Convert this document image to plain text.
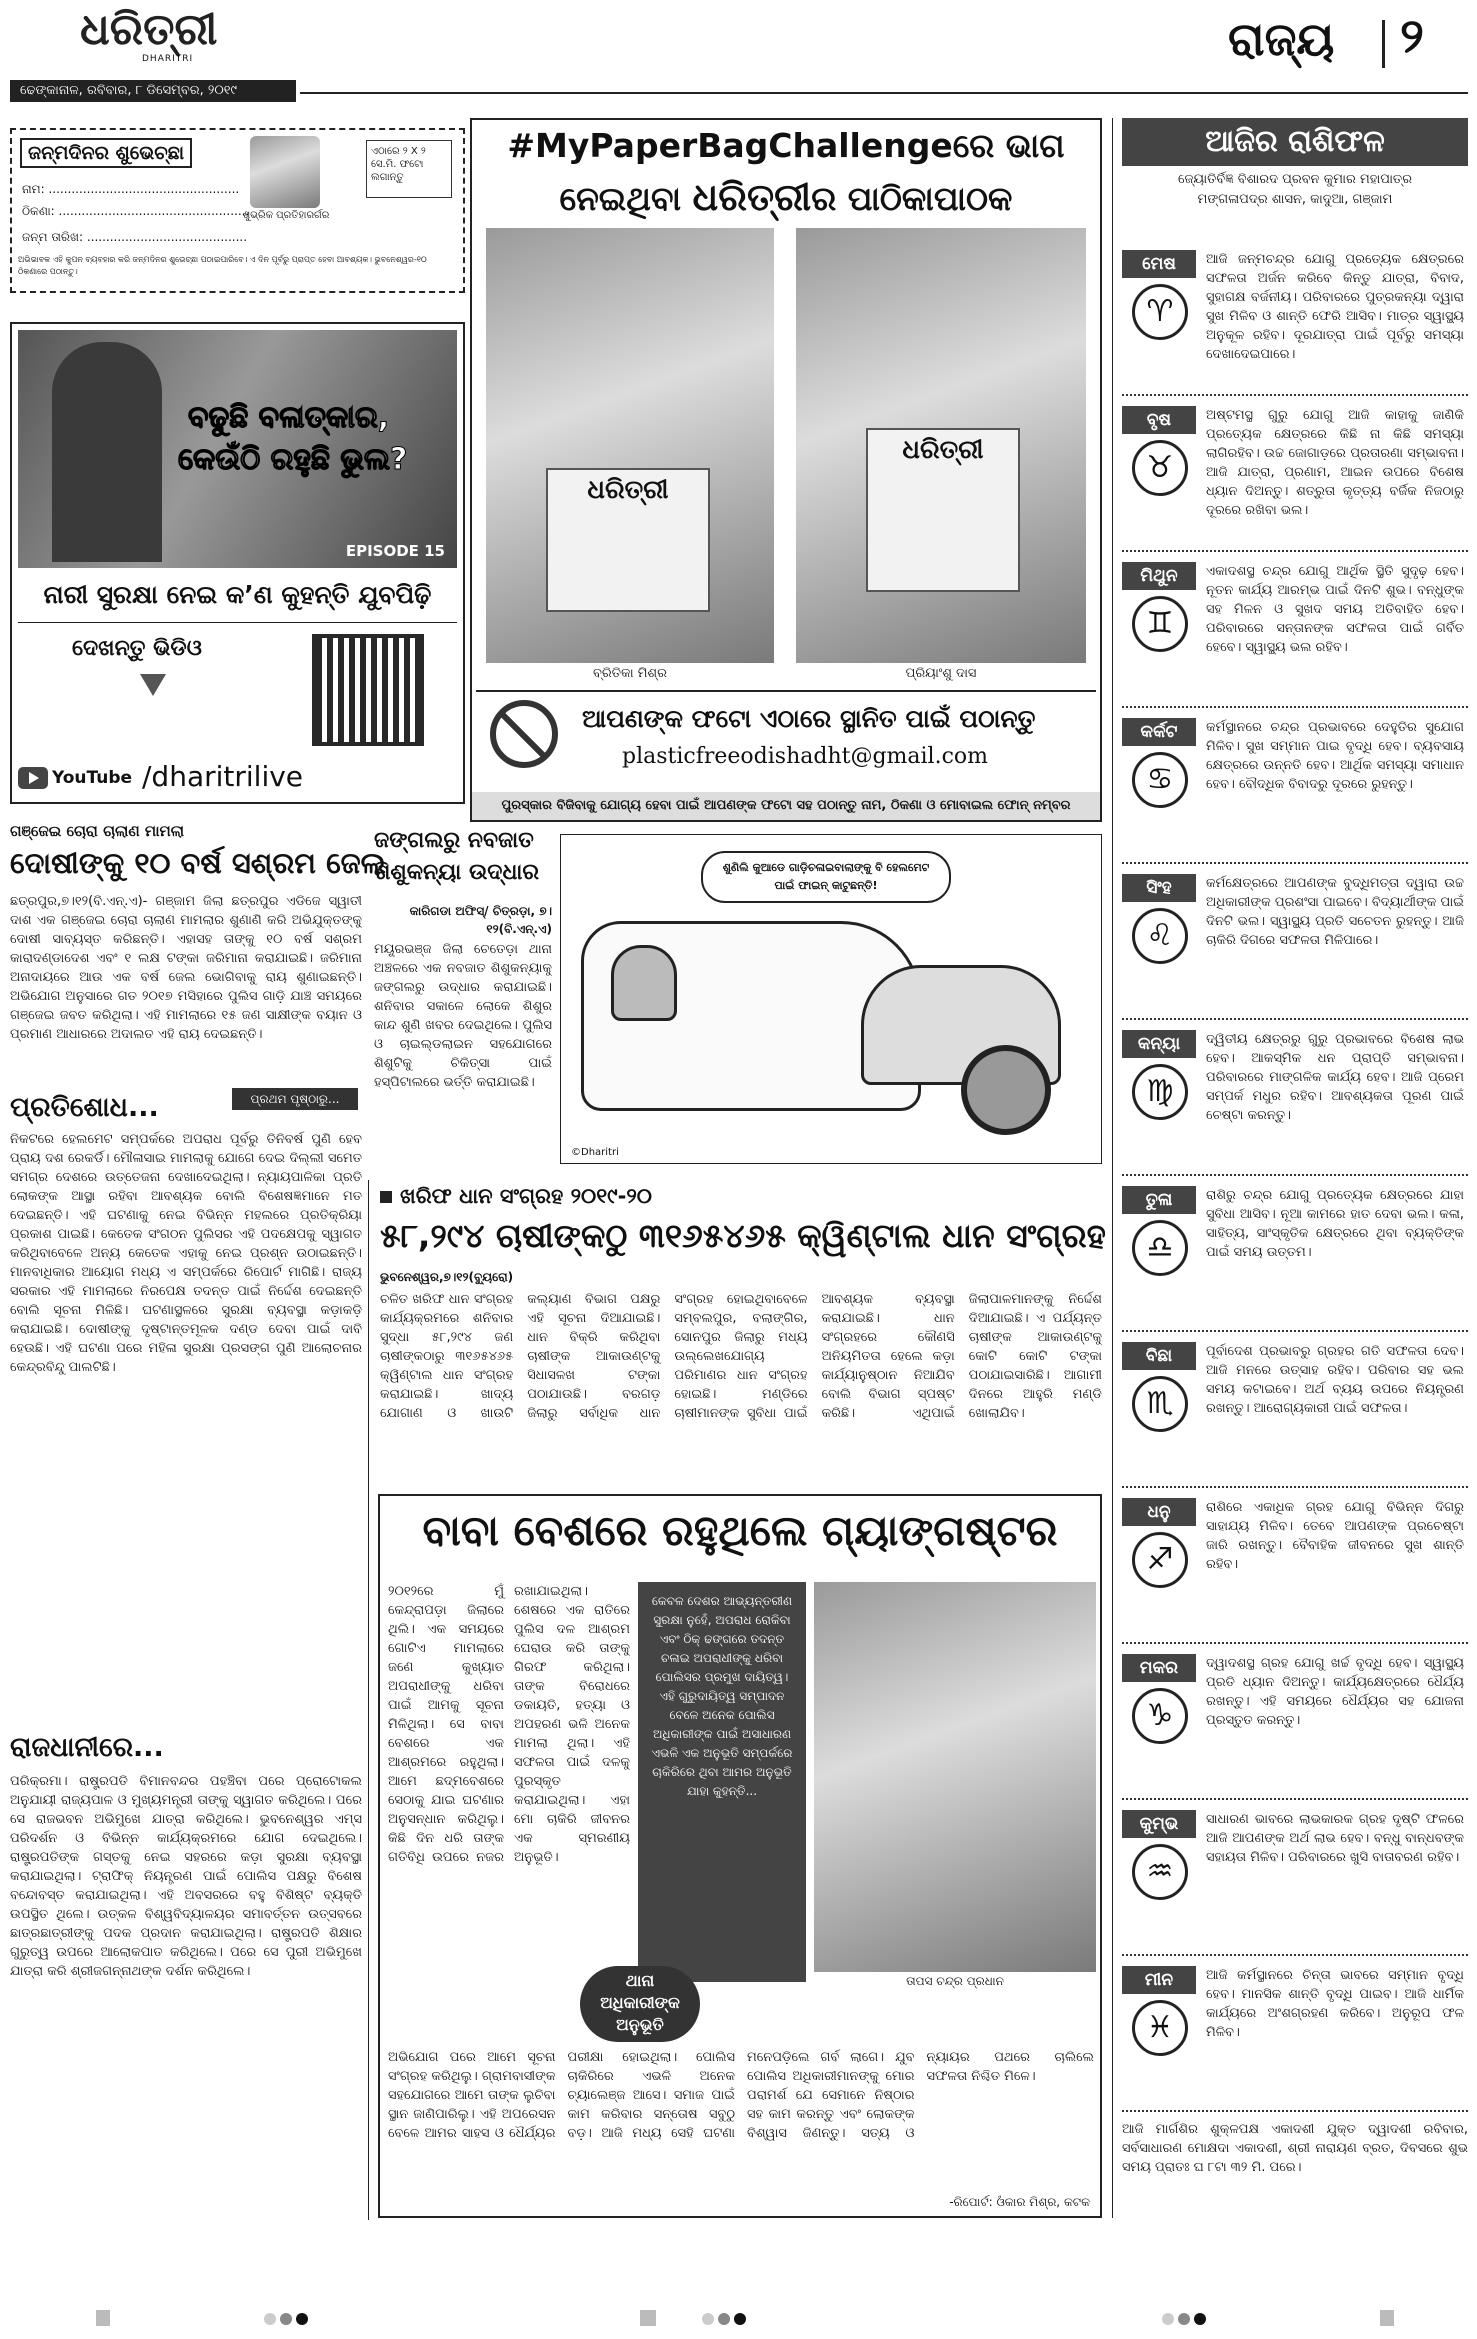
ଧରିତ୍ରୀ
DHARITRI
ଢେଙ୍କାନାଳ, ରବିବାର, ୮ ଡିସେମ୍ବର, ୨୦୧୯
ରାଜ୍ୟ ୨
ଜନ୍ମଦିନର ଶୁଭେଚ୍ଛା
ନାମ: ..................................................
ଠିକଣା: ..................................................
ଜନ୍ମ ତାରିଖ: ..........................................
ଶୁଭ୍ରିକ ପ୍ରତିହାରର୍ଗର
ଏଠାରେ ୨ X ୨ ସେ.ମି. ଫଟୋ ଲଗାନ୍ତୁ
ଅଭିଭାବକ ଏହି କୁପନ ବ୍ୟବହାର କରି ଜନ୍ମଦିନର ଶୁଭେଚ୍ଛା ପଠାଇପାରିବେ। ଏ ଦିନ ପୂର୍ବରୁ ପ୍ରାପ୍ତ ହେବା ଆବଶ୍ୟକ। ଭୁବନେଶ୍ୱର-୧୦ ଠିକଣାରେ ପଠାନ୍ତୁ।
ବଢୁଛି ବଳାତ୍କାର,
କେଉଁଠି ରହୁଛି ଭୁଲ?
EPISODE 15
ନାରୀ ସୁରକ୍ଷା ନେଇ କ’ଣ କୁହନ୍ତି ଯୁବପିଢ଼ି
ଦେଖନ୍ତୁ ଭିଡିଓ
YouTube /dharitrilive
#MyPaperBagChallengeରେ ଭାଗ
ନେଇଥିବା ଧରିତ୍ରୀର ପାଠିକାପାଠକ
ଧରିତ୍ରୀ
ବ୍ରିତିକା ମିଶ୍ର
ଧରିତ୍ରୀ
ପ୍ରିୟାଂଶୁ ଦାସ
ଆପଣଙ୍କ ଫଟୋ ଏଠାରେ ସ୍ଥାନିତ ପାଇଁ ପଠାନ୍ତୁ
plasticfreeodishadht@gmail.com
ପୁରସ୍କାର ବିଜିବାକୁ ଯୋଗ୍ୟ ହେବା ପାଇଁ ଆପଣଙ୍କ ଫଟୋ ସହ ପଠାନ୍ତୁ ନାମ, ଠିକଣା ଓ ମୋବାଇଲ ଫୋନ୍ ନମ୍ବର
ଆଜିର ରାଶିଫଳ
ଜ୍ୟୋତିର୍ବିଜ୍ଞ ବିଶାରଦ ପ୍ରବନ କୁମାର ମହାପାତ୍ର
ମଙ୍ଗଳାପଦ୍ର ଶାସନ, କାଦୁଆ, ଗଞ୍ଜାମ
ମେଷ
♈
ଆଜି ଜନ୍ମଚନ୍ଦ୍ର ଯୋଗୁ ପ୍ରତ୍ୟେକ କ୍ଷେତ୍ରରେ ସଫଳତା ଅର୍ଜନ କରିବେ କିନ୍ତୁ ଯାତ୍ରା, ବିବାଦ, ସୁହାଗକ୍ଷ ବର୍ଜନୀୟ। ପରିବାରରେ ପୁତ୍ରକନ୍ୟା ଦ୍ୱାରା ସୁଖ ମିଳିବ ଓ ଶାନ୍ତି ଫେରି ଆସିବ। ମାତ୍ର ସ୍ୱାସ୍ଥ୍ୟ ଅନୁକୂଳ ରହିବ। ଦୂରଯାତ୍ରା ପାଇଁ ପୂର୍ବରୁ ସମସ୍ୟା ଦେଖାଦେଇପାରେ।
ବୃଷ
♉
ଅଷ୍ଟମସ୍ଥ ଗୁରୁ ଯୋଗୁ ଆଜି କାହାକୁ ଜାଣିକି ପ୍ରତ୍ୟେକ କ୍ଷେତ୍ରରେ କିଛି ନା କିଛି ସମସ୍ୟା ଲାଗିରହିବ। ଉଚ୍ଚ ଜୋଗାଡ଼ରେ ପ୍ରତାରଣା ସମ୍ଭାବନା। ଆଜି ଯାତ୍ରା, ପ୍ରଣାମ, ଆଇନ ଉପରେ ବିଶେଷ ଧ୍ୟାନ ଦିଅନ୍ତୁ। ଶତ୍ରୁତା କୃତ୍ତ୍ୟ ବର୍ଜିକ ନିଜଠାରୁ ଦୂରରେ ରଖିବା ଭଲ।
ମିଥୁନ
♊
ଏକାଦଶସ୍ଥ ଚନ୍ଦ୍ର ଯୋଗୁ ଆର୍ଥିକ ସ୍ଥିତି ସୁଦୃଢ଼ ହେବ। ନୂତନ କାର୍ଯ୍ୟ ଆରମ୍ଭ ପାଇଁ ଦିନଟି ଶୁଭ। ବନ୍ଧୁଙ୍କ ସହ ମିଳନ ଓ ସୁଖଦ ସମୟ ଅତିବାହିତ ହେବ। ପରିବାରରେ ସନ୍ତାନଙ୍କ ସଫଳତା ପାଇଁ ଗର୍ବିତ ହେବେ। ସ୍ୱାସ୍ଥ୍ୟ ଭଲ ରହିବ।
କର୍କଟ
♋
କର୍ମସ୍ଥାନରେ ଚନ୍ଦ୍ର ପ୍ରଭାବରେ ଦେହୁତିର ସୁଯୋଗ ମିଳିବ। ସୁଖ ସମ୍ମାନ ପାଇ ବୃଦ୍ଧି ହେବ। ବ୍ୟବସାୟ କ୍ଷେତ୍ରରେ ଉନ୍ନତି ହେବ। ଆର୍ଥିକ ସମସ୍ୟା ସମାଧାନ ହେବ। ବୌଦ୍ଧିକ ବିବାଦରୁ ଦୂରରେ ରୁହନ୍ତୁ।
ସିଂହ
♌
କର୍ମକ୍ଷେତ୍ରରେ ଆପଣଙ୍କ ବୁଦ୍ଧିମତ୍ତା ଦ୍ୱାରା ଉଚ୍ଚ ଅଧିକାରୀଙ୍କ ପ୍ରଶଂସା ପାଇବେ। ବିଦ୍ୟାର୍ଥୀଙ୍କ ପାଇଁ ଦିନଟି ଭଲ। ସ୍ୱାସ୍ଥ୍ୟ ପ୍ରତି ସଚେତନ ରୁହନ୍ତୁ। ଆଜି ଚାକିରି ଦିଗରେ ସଫଳତା ମିଳିପାରେ।
କନ୍ୟା
♍
ଦ୍ୱିତୀୟ କ୍ଷେତ୍ରରୁ ଗୁରୁ ପ୍ରଭାବରେ ବିଶେଷ ଲାଭ ହେବ। ଆକସ୍ମିକ ଧନ ପ୍ରାପ୍ତି ସମ୍ଭାବନା। ପରିବାରରେ ମାଙ୍ଗଳିକ କାର୍ଯ୍ୟ ହେବ। ଆଜି ପ୍ରେମ ସମ୍ପର୍କ ମଧୁର ରହିବ। ଆବଶ୍ୟକତା ପୂରଣ ପାଇଁ ଚେଷ୍ଟା କରନ୍ତୁ।
ତୁଳା
♎
ରାଶିରୁ ଚନ୍ଦ୍ର ଯୋଗୁ ପ୍ରତ୍ୟେକ କ୍ଷେତ୍ରରେ ଯାହା ସୁବିଧା ଆସିବ। ନୂଆ କାମରେ ହାତ ଦେବା ଭଲ। କଳା, ସାହିତ୍ୟ, ସାଂସ୍କୃତିକ କ୍ଷେତ୍ରରେ ଥିବା ବ୍ୟକ୍ତିଙ୍କ ପାଇଁ ସମୟ ଉତ୍ତମ।
ବିଛା
♏
ପୂର୍ବାଦେଶ ପ୍ରଭାବରୁ ଗ୍ରହର ଗତି ସଫଳତା ଦେବ। ଆଜି ମନରେ ଉତ୍ସାହ ରହିବ। ପରିବାର ସହ ଭଲ ସମୟ କଟାଇବେ। ଅର୍ଥ ବ୍ୟୟ ଉପରେ ନିୟନ୍ତ୍ରଣ ରଖନ୍ତୁ। ଆରୋଗ୍ୟକାରୀ ପାଇଁ ସଫଳତା।
ଧନୁ
♐
ରାଶିରେ ଏକାଧିକ ଗ୍ରହ ଯୋଗୁ ବିଭିନ୍ନ ଦିଗରୁ ସାହାଯ୍ୟ ମିଳିବ। ତେବେ ଆପଣଙ୍କ ପ୍ରଚେଷ୍ଟା ଜାରି ରଖନ୍ତୁ। ବୈବାହିକ ଜୀବନରେ ସୁଖ ଶାନ୍ତି ରହିବ।
ମକର
♑
ଦ୍ୱାଦଶସ୍ଥ ଗ୍ରହ ଯୋଗୁ ଖର୍ଚ୍ଚ ବୃଦ୍ଧି ହେବ। ସ୍ୱାସ୍ଥ୍ୟ ପ୍ରତି ଧ୍ୟାନ ଦିଅନ୍ତୁ। କାର୍ଯ୍ୟକ୍ଷେତ୍ରରେ ଧୈର୍ଯ୍ୟ ରଖନ୍ତୁ। ଏହି ସମୟରେ ଧୈର୍ଯ୍ୟର ସହ ଯୋଜନା ପ୍ରସ୍ତୁତ କରନ୍ତୁ।
କୁମ୍ଭ
♒
ସାଧାରଣ ଭାବରେ ଲାଭକାରକ ଗ୍ରହ ଦୃଷ୍ଟି ଫଳରେ ଆଜି ଆପଣଙ୍କ ଅର୍ଥ ଲାଭ ହେବ। ବନ୍ଧୁ ବାନ୍ଧବଙ୍କ ସହାୟତା ମିଳିବ। ପରିବାରରେ ଖୁସି ବାତାବରଣ ରହିବ।
ମୀନ
♓
ଆଜି କର୍ମସ୍ଥାନରେ ଚିନ୍ତା ଭାବରେ ସମ୍ମାନ ବୃଦ୍ଧି ହେବ। ମାନସିକ ଶାନ୍ତି ବୃଦ୍ଧି ପାଇବ। ଆଜି ଧାର୍ମିକ କାର୍ଯ୍ୟରେ ଅଂଶଗ୍ରହଣ କରିବେ। ଅନୁରୂପ ଫଳ ମିଳିବ।
ଆଜି ମାର୍ଗଶିର ଶୁକ୍ଳପକ୍ଷ ଏକାଦଶୀ ଯୁକ୍ତ ଦ୍ୱାଦଶୀ ରବିବାର, ସର୍ବସାଧାରଣ ମୋକ୍ଷଦା ଏକାଦଶୀ, ଶ୍ରୀ ନାରାୟଣ ବ୍ରତ, ଦିବସରେ ଶୁଭ ସମୟ ପ୍ରାତଃ ଘ ୮ଟା ୩୨ ମି. ପରେ।
ଗଞ୍ଜେଇ ଚୋରା ଚାଲାଣ ମାମଲା
ଦୋଷୀଙ୍କୁ ୧୦ ବର୍ଷ ସଶ୍ରମ ଜେଲ
ଛତ୍ରପୁର,୭।୧୨(ବି.ଏନ୍.ଏ)- ଗଞ୍ଜାମ ଜିଲା ଛତ୍ରପୁର ଏଡିଜେ ସ୍ୱାତୀ ଦାଶ ଏକ ଗଞ୍ଜେଇ ଚୋରା ଚାଲାଣ ମାମଲାର ଶୁଣାଣି କରି ଅଭିଯୁକ୍ତଙ୍କୁ ଦୋଷୀ ସାବ୍ୟସ୍ତ କରିଛନ୍ତି। ଏହାସହ ତାଙ୍କୁ ୧୦ ବର୍ଷ ସଶ୍ରମ କାରାଦଣ୍ଡାଦେଶ ଏବଂ ୧ ଲକ୍ଷ ଟଙ୍କା ଜରିମାନା କରାଯାଇଛି। ଜରିମାନା ଅନାଦାୟରେ ଆଉ ଏକ ବର୍ଷ ଜେଲ ଭୋଗିବାକୁ ରାୟ ଶୁଣାଇଛନ୍ତି। ଅଭିଯୋଗ ଅନୁସାରେ ଗତ ୨୦୧୭ ମସିହାରେ ପୁଲିସ ଗାଡ଼ି ଯାଞ୍ଚ ସମୟରେ ଗଞ୍ଜେଇ ଜବତ କରିଥିଲା। ଏହି ମାମଲାରେ ୧୫ ଜଣ ସାକ୍ଷୀଙ୍କ ବୟାନ ଓ ପ୍ରମାଣ ଆଧାରରେ ଅଦାଲତ ଏହି ରାୟ ଦେଇଛନ୍ତି।
ଜଙ୍ଗଲରୁ ନବଜାତ
ଶିଶୁକନ୍ୟା ଉଦ୍ଧାର
କାରିଗଡା ଅଫିସ୍/ ଚିତ୍ରଡ଼ା, ୭।୧୨(ବି.ଏନ୍.ଏ)
ମୟୂରଭଞ୍ଜ ଜିଲା ଚେତେଡ଼ା ଥାନା ଅଞ୍ଚଳରେ ଏକ ନବଜାତ ଶିଶୁକନ୍ୟାକୁ ଜଙ୍ଗଲରୁ ଉଦ୍ଧାର କରାଯାଇଛି। ଶନିବାର ସକାଳେ ଲୋକେ ଶିଶୁର କାନ୍ଦ ଶୁଣି ଖବର ଦେଇଥିଲେ। ପୁଲିସ ଓ ଚାଇଲ୍ଡଲାଇନ ସହଯୋଗରେ ଶିଶୁଟିକୁ ଚିକିତ୍ସା ପାଇଁ ହସ୍ପିଟାଲରେ ଭର୍ତ୍ତି କରାଯାଇଛି।
ଶୁଣିଲି କୁଆଡେ ଗାଡ଼ିଚଳାଇବାଲାଙ୍କୁ ବି ହେଲମେଟ ପାଇଁ ଫାଇନ୍ କାଟୁଛନ୍ତି!
©Dharitri
ପ୍ରତିଶୋଧ...	ପ୍ରଥମ ପୃଷ୍ଠାରୁ...
ନିକଟରେ ହେଲମେଟ ସମ୍ପର୍କରେ ଅପରାଧ ପୂର୍ବରୁ ତିନିବର୍ଷ ପୁଣି ହେବ ପ୍ରାୟ ଦଶ ରେକର୍ଡି। ମୌଳାସାଇ ମାମଲାକୁ ଯୋଗେ ଦେଇ ଦିଲ୍ଲୀ ସମେତ ସମଗ୍ର ଦେଶରେ ଉତ୍ତେଜନା ଦେଖାଦେଇଥିଲା। ନ୍ୟାୟପାଳିକା ପ୍ରତି ଲୋକଙ୍କ ଆସ୍ଥା ରହିବା ଆବଶ୍ୟକ ବୋଲି ବିଶେଷଜ୍ଞମାନେ ମତ ଦେଇଛନ୍ତି। ଏହି ଘଟଣାକୁ ନେଇ ବିଭିନ୍ନ ମହଲରେ ପ୍ରତିକ୍ରିୟା ପ୍ରକାଶ ପାଇଛି। କେତେକ ସଂଗଠନ ପୁଲିସର ଏହି ପଦକ୍ଷେପକୁ ସ୍ୱାଗତ କରିଥିବାବେଳେ ଅନ୍ୟ କେତେକ ଏହାକୁ ନେଇ ପ୍ରଶ୍ନ ଉଠାଇଛନ୍ତି। ମାନବାଧିକାର ଆୟୋଗ ମଧ୍ୟ ଏ ସମ୍ପର୍କରେ ରିପୋର୍ଟ ମାଗିଛି। ରାଜ୍ୟ ସରକାର ଏହି ମାମଲାରେ ନିରପେକ୍ଷ ତଦନ୍ତ ପାଇଁ ନିର୍ଦ୍ଦେଶ ଦେଇଛନ୍ତି ବୋଲି ସୂଚନା ମିଳିଛି। ଘଟଣାସ୍ଥଳରେ ସୁରକ୍ଷା ବ୍ୟବସ୍ଥା କଡ଼ାକଡ଼ି କରାଯାଇଛି। ଦୋଷୀଙ୍କୁ ଦୃଷ୍ଟାନ୍ତମୂଳକ ଦଣ୍ଡ ଦେବା ପାଇଁ ଦାବି ହେଉଛି। ଏହି ଘଟଣା ପରେ ମହିଳା ସୁରକ୍ଷା ପ୍ରସଙ୍ଗ ପୁଣି ଆଲୋଚନାର କେନ୍ଦ୍ରବିନ୍ଦୁ ପାଲଟିଛି।
ରାଜଧାନୀରେ...
ପରିକ୍ରମା। ରାଷ୍ଟ୍ରପତି ବିମାନବନ୍ଦର ପହଞ୍ଚିବା ପରେ ପ୍ରୋଟୋକଲ ଅନୁଯାୟୀ ରାଜ୍ୟପାଳ ଓ ମୁଖ୍ୟମନ୍ତ୍ରୀ ତାଙ୍କୁ ସ୍ୱାଗତ କରିଥିଲେ। ପରେ ସେ ରାଜଭବନ ଅଭିମୁଖେ ଯାତ୍ରା କରିଥିଲେ। ଭୁବନେଶ୍ୱର ଏମ୍ସ ପରିଦର୍ଶନ ଓ ବିଭିନ୍ନ କାର୍ଯ୍ୟକ୍ରମରେ ଯୋଗ ଦେଇଥିଲେ। ରାଷ୍ଟ୍ରପତିଙ୍କ ଗସ୍ତକୁ ନେଇ ସହରରେ କଡ଼ା ସୁରକ୍ଷା ବ୍ୟବସ୍ଥା କରାଯାଇଥିଲା। ଟ୍ରାଫିକ୍ ନିୟନ୍ତ୍ରଣ ପାଇଁ ପୋଲିସ ପକ୍ଷରୁ ବିଶେଷ ବନ୍ଦୋବସ୍ତ କରାଯାଇଥିଲା। ଏହି ଅବସରରେ ବହୁ ବିଶିଷ୍ଟ ବ୍ୟକ୍ତି ଉପସ୍ଥିତ ଥିଲେ। ଉତ୍କଳ ବିଶ୍ୱବିଦ୍ୟାଳୟର ସମାବର୍ତ୍ତନ ଉତ୍ସବରେ ଛାତ୍ରଛାତ୍ରୀଙ୍କୁ ପଦକ ପ୍ରଦାନ କରାଯାଇଥିଲା। ରାଷ୍ଟ୍ରପତି ଶିକ୍ଷାର ଗୁରୁତ୍ୱ ଉପରେ ଆଲୋକପାତ କରିଥିଲେ। ପରେ ସେ ପୁରୀ ଅଭିମୁଖେ ଯାତ୍ରା କରି ଶ୍ରୀଜଗନ୍ନାଥଙ୍କ ଦର୍ଶନ କରିଥିଲେ।
ଖରିଫ ଧାନ ସଂଗ୍ରହ ୨୦୧୯-୨୦
୫୮,୨୯୪ ଚାଷୀଙ୍କଠୁ ୩୧୬୫୪୬୫ କ୍ୱିଣ୍ଟାଲ ଧାନ ସଂଗ୍ରହ
ଭୁବନେଶ୍ୱର,୭।୧୨(ବ୍ୟୁରୋ)
ଚଳିତ ଖରିଫ ଧାନ ସଂଗ୍ରହ କାର୍ଯ୍ୟକ୍ରମରେ ଶନିବାର ସୁଦ୍ଧା ୫୮,୨୯୪ ଜଣ ଚାଷୀଙ୍କଠାରୁ ୩୧୬୫୪୬୫ କ୍ୱିଣ୍ଟାଲ ଧାନ ସଂଗ୍ରହ କରାଯାଇଛି। ଖାଦ୍ୟ ଯୋଗାଣ ଓ ଖାଉଟି କଲ୍ୟାଣ ବିଭାଗ ପକ୍ଷରୁ ଏହି ସୂଚନା ଦିଆଯାଇଛି। ଧାନ ବିକ୍ରି କରିଥିବା ଚାଷୀଙ୍କ ଆକାଉଣ୍ଟକୁ ସିଧାସଳଖ ଟଙ୍କା ପଠାଯାଉଛି। ବରଗଡ଼ ଜିଲାରୁ ସର୍ବାଧିକ ଧାନ ସଂଗ୍ରହ ହୋଇଥିବାବେଳେ ସମ୍ବଲପୁର, ବଲାଙ୍ଗିର, ସୋନପୁର ଜିଲାରୁ ମଧ୍ୟ ଉଲ୍ଲେଖଯୋଗ୍ୟ ପରିମାଣର ଧାନ ସଂଗ୍ରହ ହୋଇଛି। ମଣ୍ଡିରେ ଚାଷୀମାନଙ୍କ ସୁବିଧା ପାଇଁ ଆବଶ୍ୟକ ବ୍ୟବସ୍ଥା କରାଯାଇଛି। ଧାନ ସଂଗ୍ରହରେ କୌଣସି ଅନିୟମିତତା ହେଲେ କଡ଼ା କାର୍ଯ୍ୟାନୁଷ୍ଠାନ ନିଆଯିବ ବୋଲି ବିଭାଗ ସ୍ପଷ୍ଟ କରିଛି। ଏଥିପାଇଁ ଜିଲାପାଳମାନଙ୍କୁ ନିର୍ଦ୍ଦେଶ ଦିଆଯାଇଛି। ଏ ପର୍ଯ୍ୟନ୍ତ ଚାଷୀଙ୍କ ଆକାଉଣ୍ଟକୁ କୋଟି କୋଟି ଟଙ୍କା ପଠାଯାଇସାରିଛି। ଆଗାମୀ ଦିନରେ ଆହୁରି ମଣ୍ଡି ଖୋଲାଯିବ।
ବାବା ବେଶରେ ରହୁଥିଲେ ଗ୍ୟାଙ୍ଗଷ୍ଟର
୨୦୧୨ରେ ମୁଁ କେନ୍ଦ୍ରାପଡ଼ା ଜିଲାରେ ଥିଲି। ଏକ ସମୟରେ ଗୋଟିଏ ମାମଲାରେ ଜଣେ କୁଖ୍ୟାତ ଅପରାଧୀଙ୍କୁ ଧରିବା ପାଇଁ ଆମକୁ ସୂଚନା ମିଳିଥିଲା। ସେ ବାବା ବେଶରେ ଏକ ଆଶ୍ରମରେ ରହୁଥିଲା। ଆମେ ଛଦ୍ମବେଶରେ ସେଠାକୁ ଯାଇ ଘଟଣାର ଅନୁସନ୍ଧାନ କରିଥିଲୁ। କିଛି ଦିନ ଧରି ତାଙ୍କ ଗତିବିଧି ଉପରେ ନଜର ରଖାଯାଇଥିଲା। ଶେଷରେ ଏକ ରାତିରେ ପୁଲିସ ଦଳ ଆଶ୍ରମ ଘେରାଉ କରି ତାଙ୍କୁ ଗିରଫ କରିଥିଲା। ତାଙ୍କ ବିରୋଧରେ ଡକାୟତି, ହତ୍ୟା ଓ ଅପହରଣ ଭଳି ଅନେକ ମାମଲା ଥିଲା। ଏହି ସଫଳତା ପାଇଁ ଦଳକୁ ପୁରସ୍କୃତ କରାଯାଇଥିଲା। ଏହା ମୋ ଚାକିରି ଜୀବନର ଏକ ସ୍ମରଣୀୟ ଅନୁଭୂତି।
କେବଳ ଦେଶର ଆଭ୍ୟନ୍ତରୀଣ ସୁରକ୍ଷା ନୁହେଁ, ଅପରାଧ ରୋକିବା ଏବଂ ଠିକ୍ ଢଙ୍ଗରେ ତଦନ୍ତ ଚଳାଇ ଅପରାଧୀଙ୍କୁ ଧରିବା ପୋଲିସର ପ୍ରମୁଖ ଦାୟିତ୍ୱ। ଏହି ଗୁରୁଦାୟିତ୍ୱ ସମ୍ପାଦନ ବେଳେ ଅନେକ ପୋଲିସ ଅଧିକାରୀଙ୍କ ପାଇଁ ଅସାଧାରଣ ଏଭଳି ଏକ ଅନୁଭୂତି ସମ୍ପର୍କରେ ଚାକିରିରେ ଥିବା ଆମର ଅନୁଭୂତି ଯାହା କୁହନ୍ତି...
ତାପସ ଚନ୍ଦ୍ର ପ୍ରଧାନ
ଥାନା
ଅଧିକାରୀଙ୍କ
ଅନୁଭୂତି
ଅଭିଯୋଗ ପରେ ଆମେ ସୂଚନା ସଂଗ୍ରହ କରିଥିଲୁ। ଗ୍ରାମବାସୀଙ୍କ ସହଯୋଗରେ ଆମେ ତାଙ୍କ ଲୁଚିବା ସ୍ଥାନ ଜାଣିପାରିଲୁ। ଏହି ଅପରେସନ ବେଳେ ଆମର ସାହସ ଓ ଧୈର୍ଯ୍ୟର ପରୀକ୍ଷା ହୋଇଥିଲା। ପୋଲିସ ଚାକିରିରେ ଏଭଳି ଅନେକ ଚ୍ୟାଲେଞ୍ଜ ଆସେ। ସମାଜ ପାଇଁ କାମ କରିବାର ସନ୍ତୋଷ ସବୁଠୁ ବଡ଼। ଆଜି ମଧ୍ୟ ସେହି ଘଟଣା ମନେପଡ଼ିଲେ ଗର୍ବ ଲାଗେ। ଯୁବ ପୋଲିସ ଅଧିକାରୀମାନଙ୍କୁ ମୋର ପରାମର୍ଶ ଯେ ସେମାନେ ନିଷ୍ଠାର ସହ କାମ କରନ୍ତୁ ଏବଂ ଲୋକଙ୍କ ବିଶ୍ୱାସ ଜିଣନ୍ତୁ। ସତ୍ୟ ଓ ନ୍ୟାୟର ପଥରେ ଚାଲିଲେ ସଫଳତା ନିଶ୍ଚିତ ମିଳେ।
-ରିପୋର୍ଟ: ଓଁକାର ମିଶ୍ର, କଟକ
